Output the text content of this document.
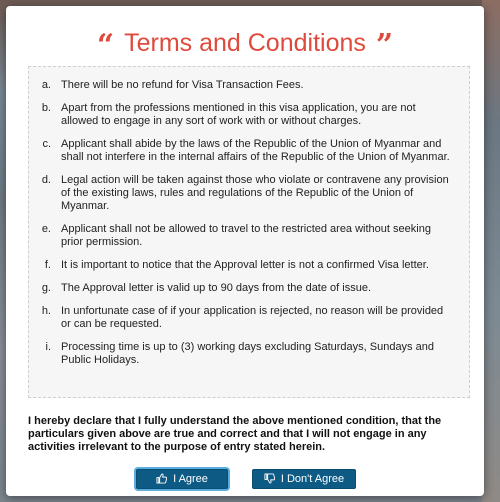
“ Terms and Conditions ”
a. There will be no refund for Visa Transaction Fees.
b. Apart from the professions mentioned in this visa application, you are not allowed to engage in any sort of work with or without charges.
c. Applicant shall abide by the laws of the Republic of the Union of Myanmar and shall not interfere in the internal affairs of the Republic of the Union of Myanmar.
d. Legal action will be taken against those who violate or contravene any provision of the existing laws, rules and regulations of the Republic of the Union of Myanmar.
e. Applicant shall not be allowed to travel to the restricted area without seeking prior permission.
f. It is important to notice that the Approval letter is not a confirmed Visa letter.
g. The Approval letter is valid up to 90 days from the date of issue.
h. In unfortunate case of if your application is rejected, no reason will be provided or can be requested.
i. Processing time is up to (3) working days excluding Saturdays, Sundays and Public Holidays.
I hereby declare that I fully understand the above mentioned condition, that the particulars given above are true and correct and that I will not engage in any activities irrelevant to the purpose of entry stated herein.
I Agree	I Don't Agree
